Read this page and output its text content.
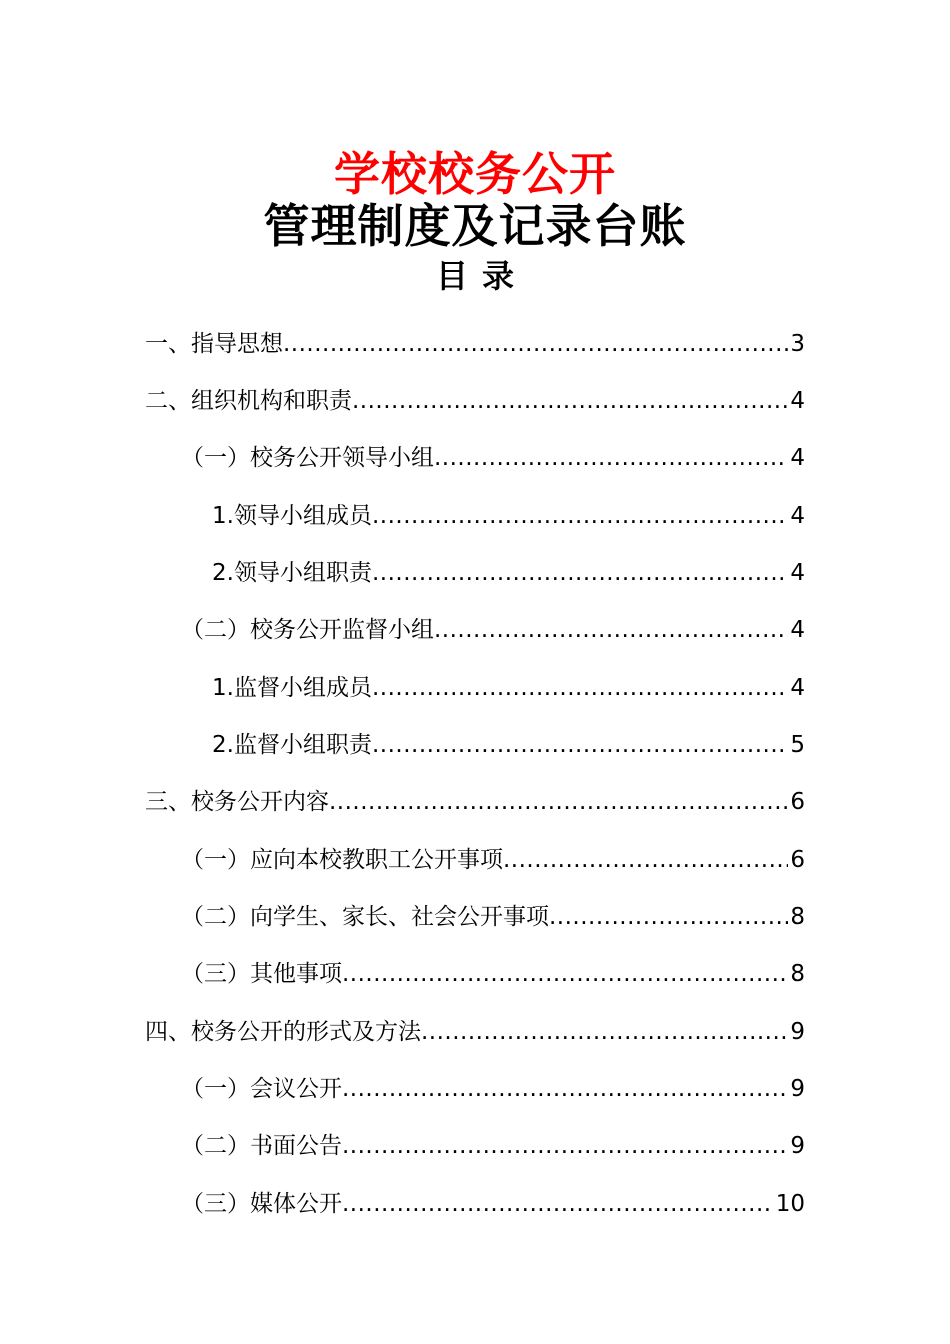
学校校务公开
管理制度及记录台账
目录
一、指导思想 .....	3
二、组织机构和职责 .....	4
（一）校务公开领导小组 .....	4
1.领导小组成员 .....	4
2.领导小组职责 .....	4
（二）校务公开监督小组 .....	4
1.监督小组成员 .....	4
2.监督小组职责 .....	5
三、校务公开内容 .....	6
（一）应向本校教职工公开事项 .....	6
（二）向学生、家长、社会公开事项 .....	8
（三）其他事项 .....	8
四、校务公开的形式及方法 .....	9
（一）会议公开 .....	9
（二）书面公告 .....	9
（三）媒体公开 .....	10
